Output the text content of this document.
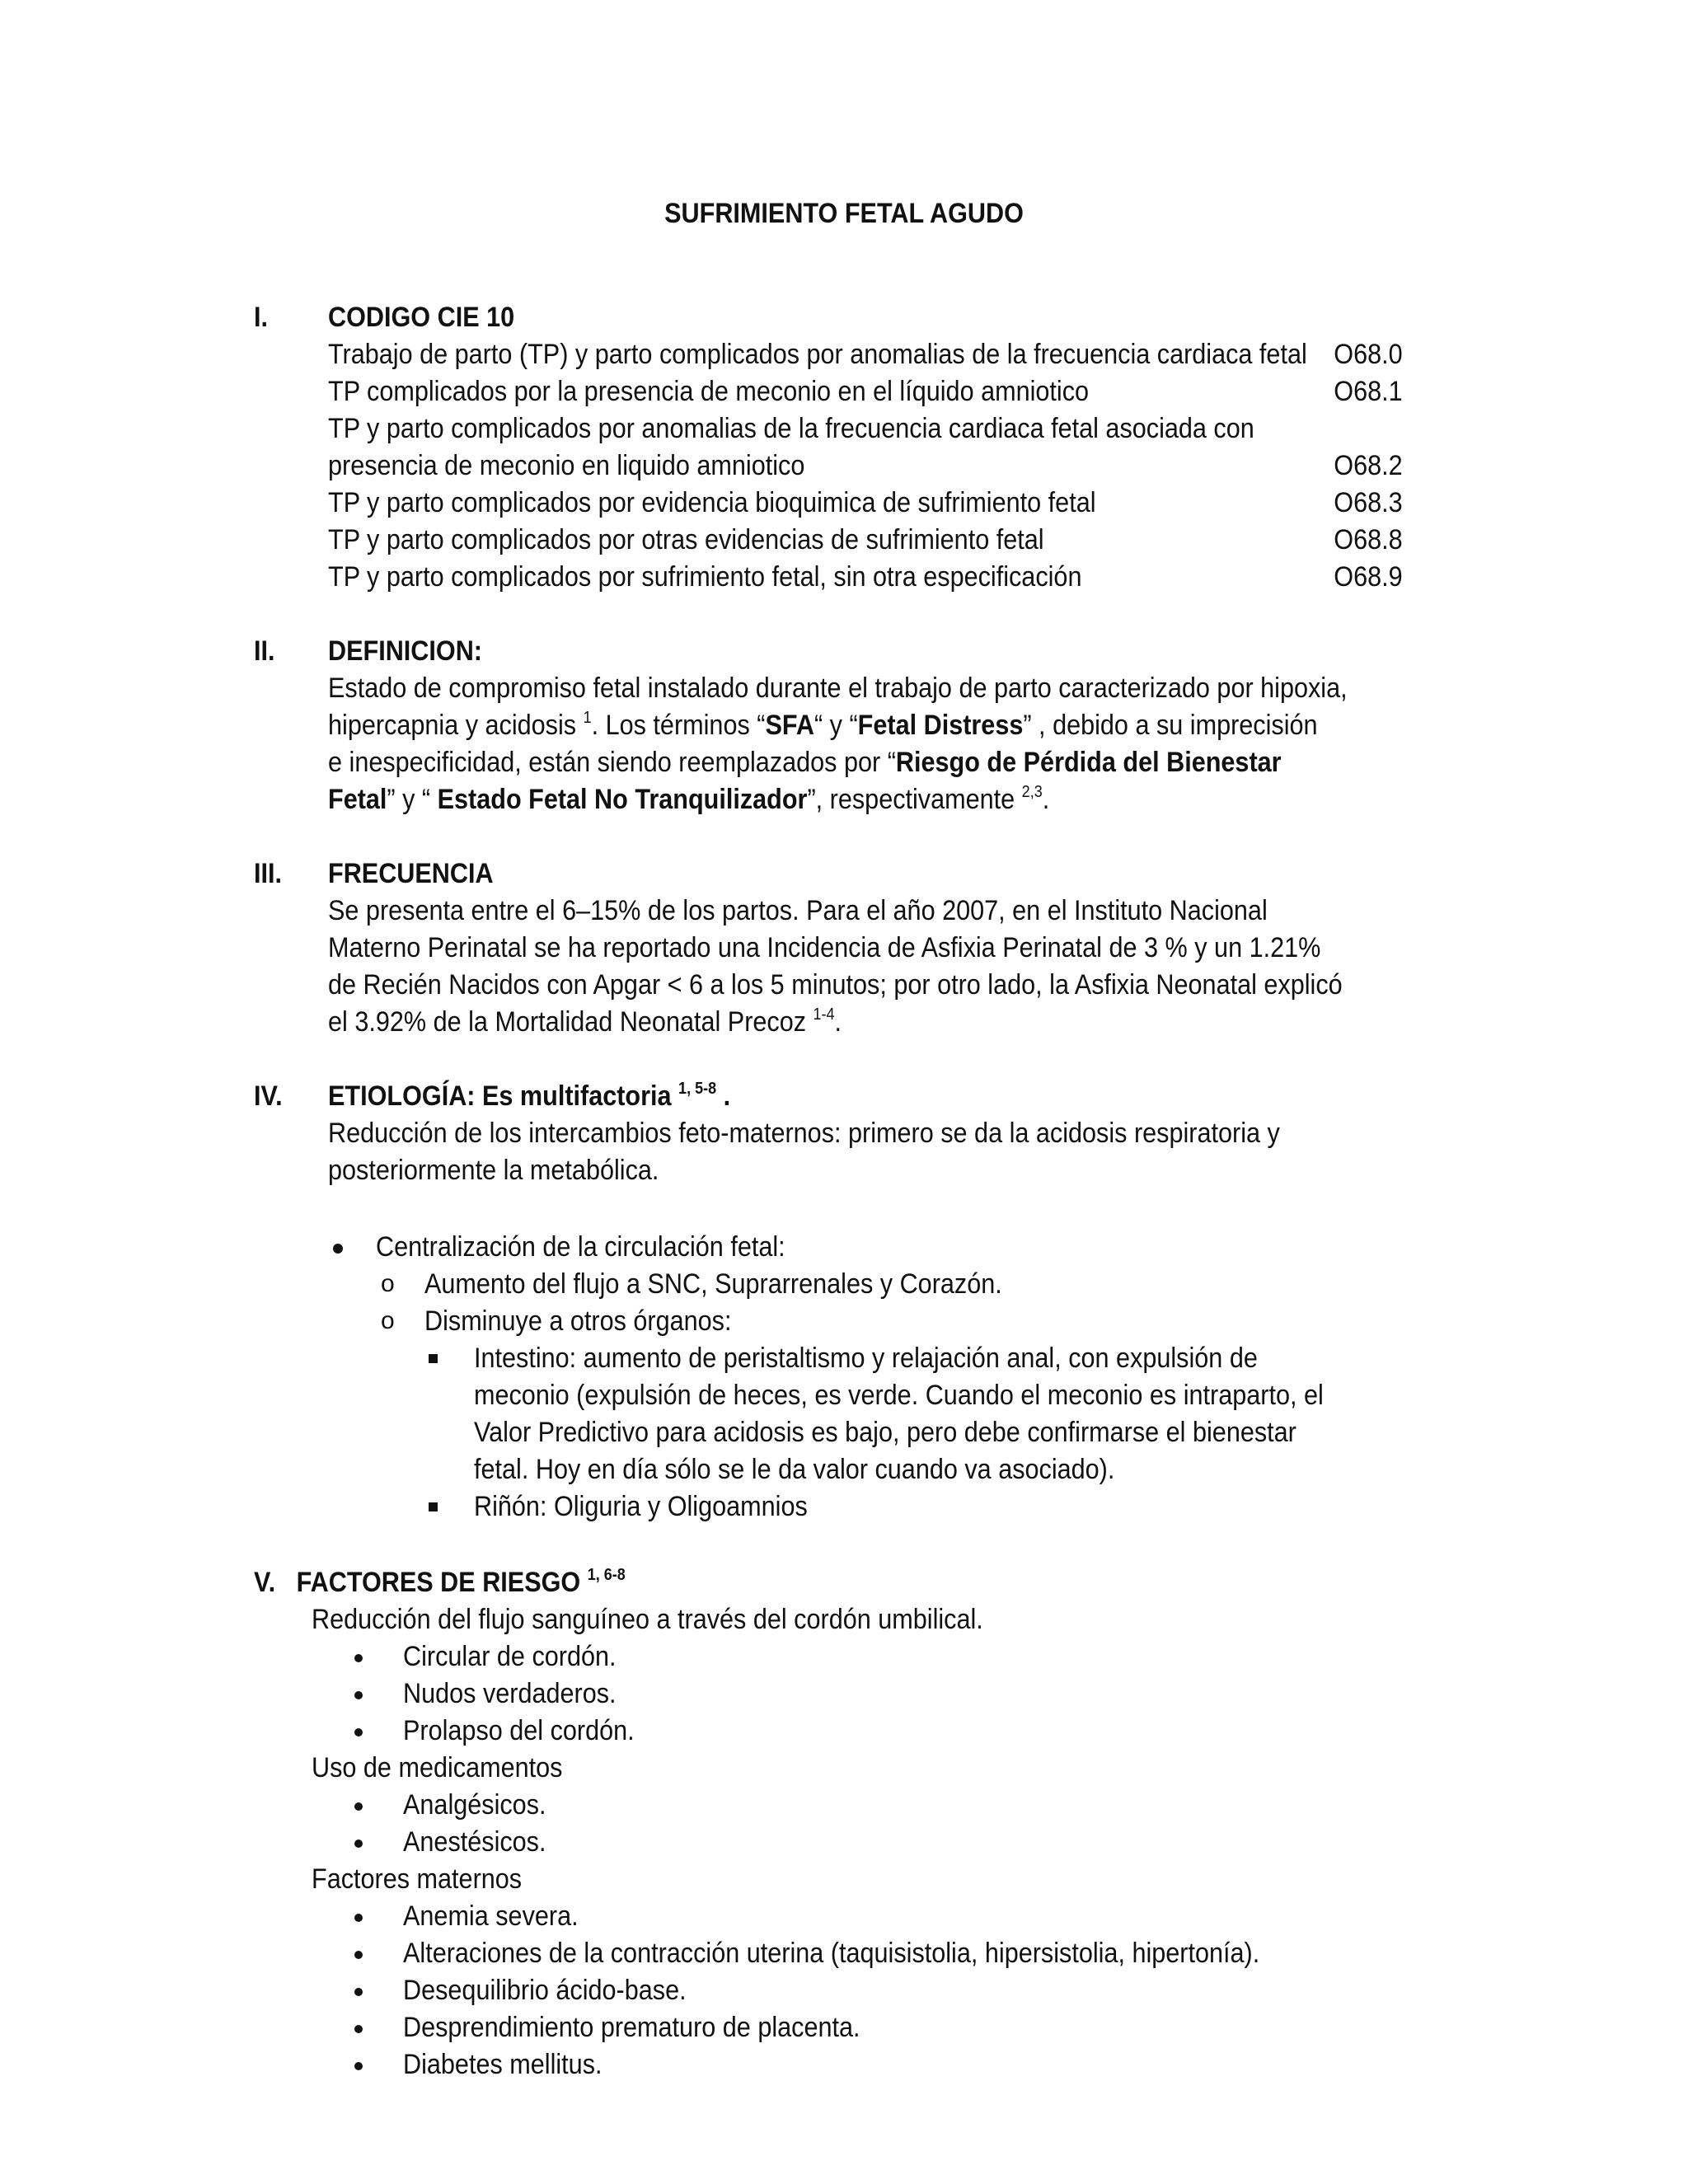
SUFRIMIENTO FETAL AGUDO
I. CODIGO CIE 10
Trabajo de parto (TP) y parto complicados por anomalias de la frecuencia cardiaca fetal O68.0
TP complicados por la presencia de meconio en el líquido amniotico	O68.1
TP y parto complicados por anomalias de la frecuencia cardiaca fetal asociada con
presencia de meconio en liquido amniotico	O68.2
TP y parto complicados por evidencia bioquimica de sufrimiento fetal	O68.3
TP y parto complicados por otras evidencias de sufrimiento fetal	O68.8
TP y parto complicados por sufrimiento fetal, sin otra especificación	O68.9
II. DEFINICION:
Estado de compromiso fetal instalado durante el trabajo de parto caracterizado por hipoxia,
hipercapnia y acidosis $^1$. Los términos “SFA“ y “Fetal Distress” , debido a su imprecisión
e inespecificidad, están siendo reemplazados por “Riesgo de Pérdida del Bienestar
Fetal” y “ Estado Fetal No Tranquilizador”, respectivamente $^{2,3}$.
III. FRECUENCIA
Se presenta entre el 6–15% de los partos. Para el año 2007, en el Instituto Nacional
Materno Perinatal se ha reportado una Incidencia de Asfixia Perinatal de 3 % y un 1.21%
de Recién Nacidos con Apgar < 6 a los 5 minutos; por otro lado, la Asfixia Neonatal explicó
el 3.92% de la Mortalidad Neonatal Precoz $^{1-4}$.
IV. ETIOLOGÍA: Es multifactoria $^{1, 5-8}$ .
Reducción de los intercambios feto-maternos: primero se da la acidosis respiratoria y
posteriormente la metabólica.
Centralización de la circulación fetal:
o Aumento del flujo a SNC, Suprarrenales y Corazón.
o Disminuye a otros órganos:
Intestino: aumento de peristaltismo y relajación anal, con expulsión de
meconio (expulsión de heces, es verde. Cuando el meconio es intraparto, el
Valor Predictivo para acidosis es bajo, pero debe confirmarse el bienestar
fetal. Hoy en día sólo se le da valor cuando va asociado).
Riñón: Oliguria y Oligoamnios
V. FACTORES DE RIESGO $^{1, 6-8}$
Reducción del flujo sanguíneo a través del cordón umbilical.
Circular de cordón.
Nudos verdaderos.
Prolapso del cordón.
Uso de medicamentos
Analgésicos.
Anestésicos.
Factores maternos
Anemia severa.
Alteraciones de la contracción uterina (taquisistolia, hipersistolia, hipertonía).
Desequilibrio ácido-base.
Desprendimiento prematuro de placenta.
Diabetes mellitus.
